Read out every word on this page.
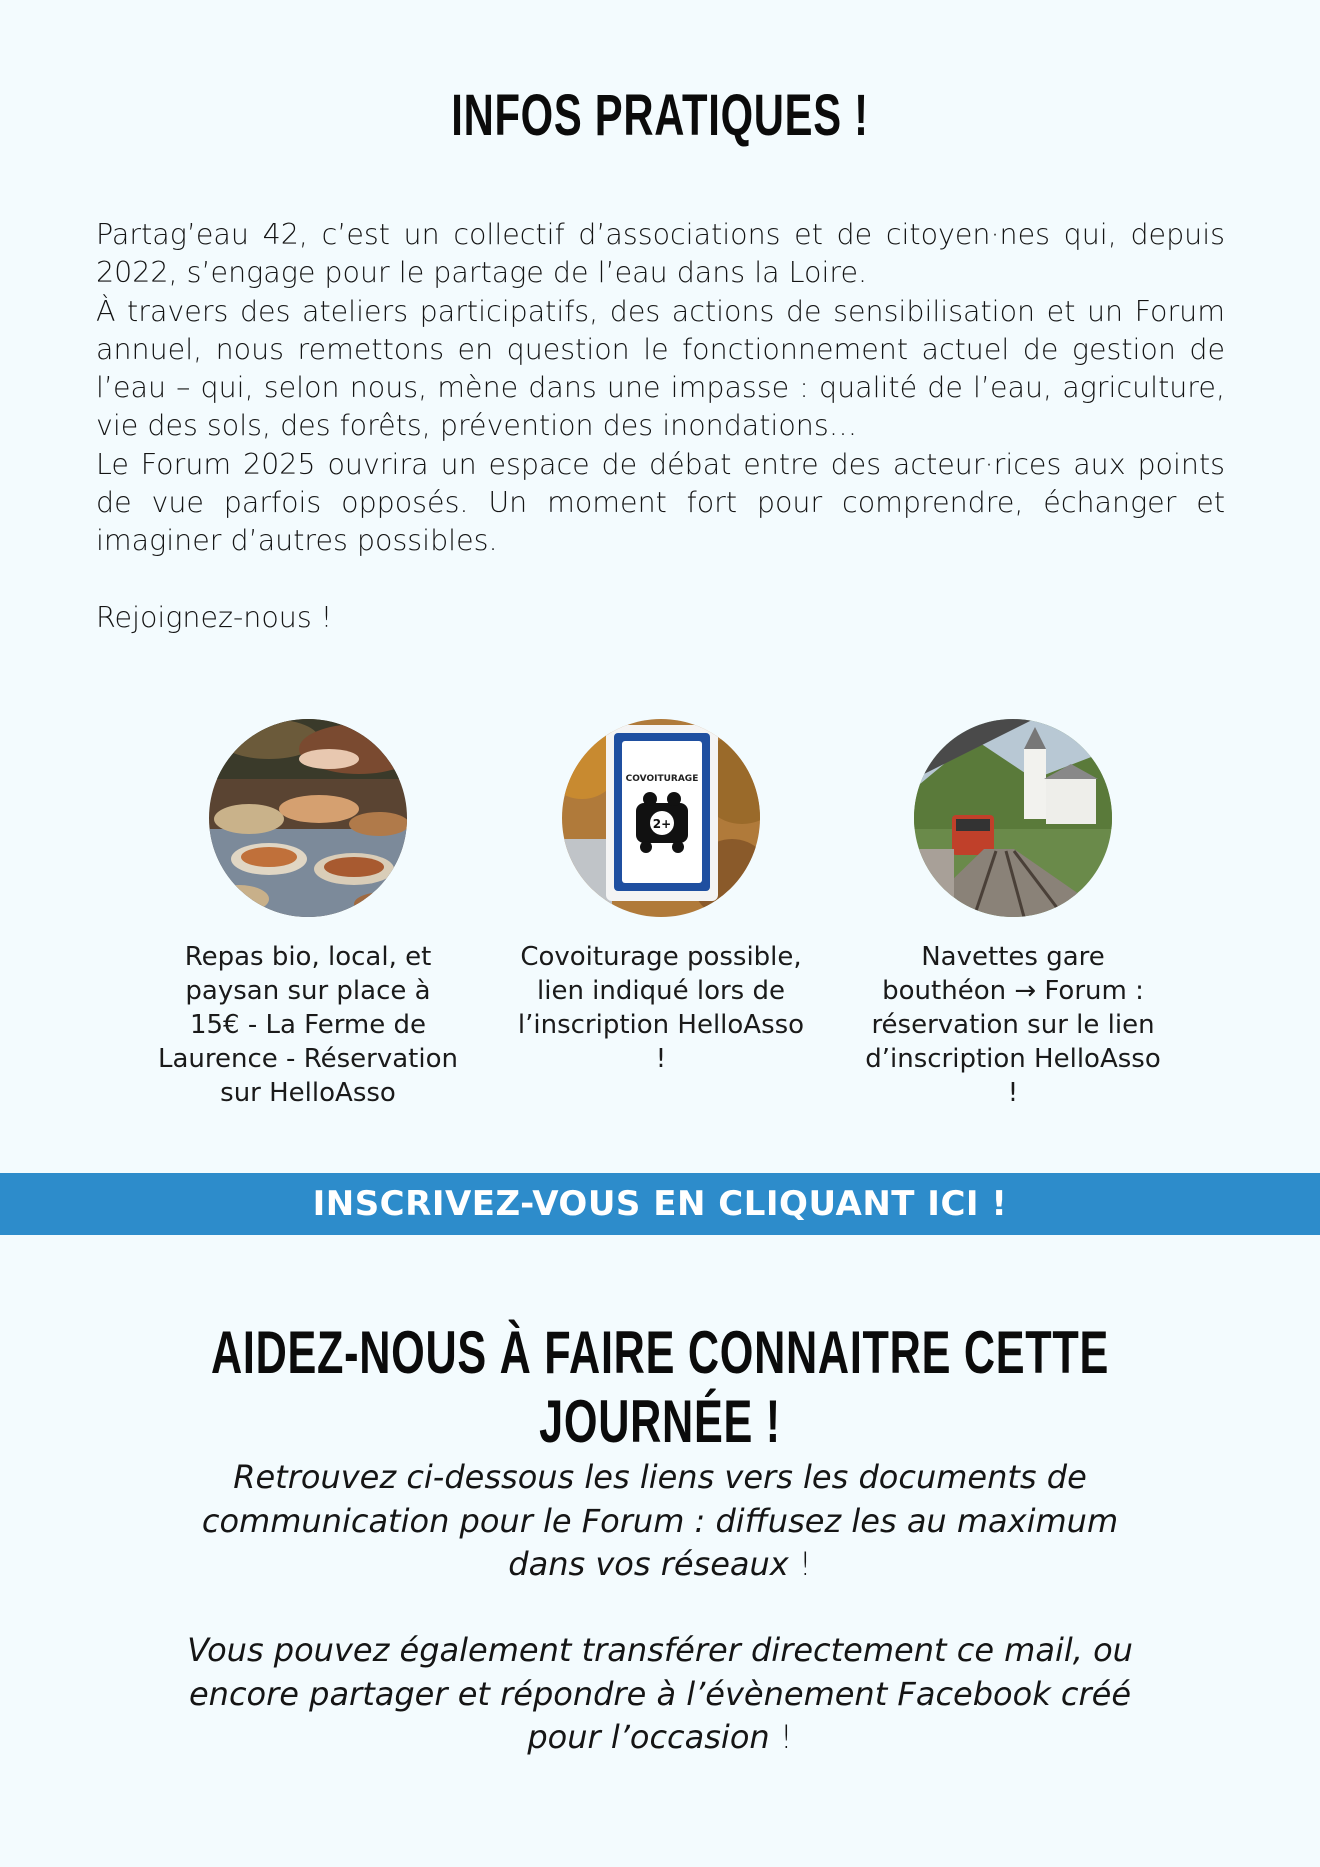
INFOS PRATIQUES !

Partag’eau 42, c’est un collectif d’associations et de citoyen·nes qui, depuis 2022, s’engage pour le partage de l’eau dans la Loire.

À travers des ateliers participatifs, des actions de sensibilisation et un Forum annuel, nous remettons en question le fonctionnement actuel de gestion de l’eau – qui, selon nous, mène dans une impasse : qualité de l’eau, agriculture, vie des sols, des forêts, prévention des inondations…

Le Forum 2025 ouvrira un espace de débat entre des acteur·rices aux points de vue parfois opposés. Un moment fort pour comprendre, échanger et imaginer d’autres possibles.

Rejoignez-nous !

Repas bio, local, et paysan sur place à 15€ - La Ferme de Laurence - Réservation sur HelloAsso
COVOITURAGE
2+
Covoiturage possible, lien indiqué lors de l’inscription HelloAsso !
Navettes gare bouthéon → Forum : réservation sur le lien d’inscription HelloAsso !
INSCRIVEZ-VOUS EN CLIQUANT ICI !
AIDEZ-NOUS À FAIRE CONNAITRE CETTE JOURNÉE !
Retrouvez ci-dessous les liens vers les documents de communication pour le Forum : diffusez les au maximum dans vos réseaux !
Vous pouvez également transférer directement ce mail, ou encore partager et répondre à l’évènement Facebook créé pour l’occasion !
